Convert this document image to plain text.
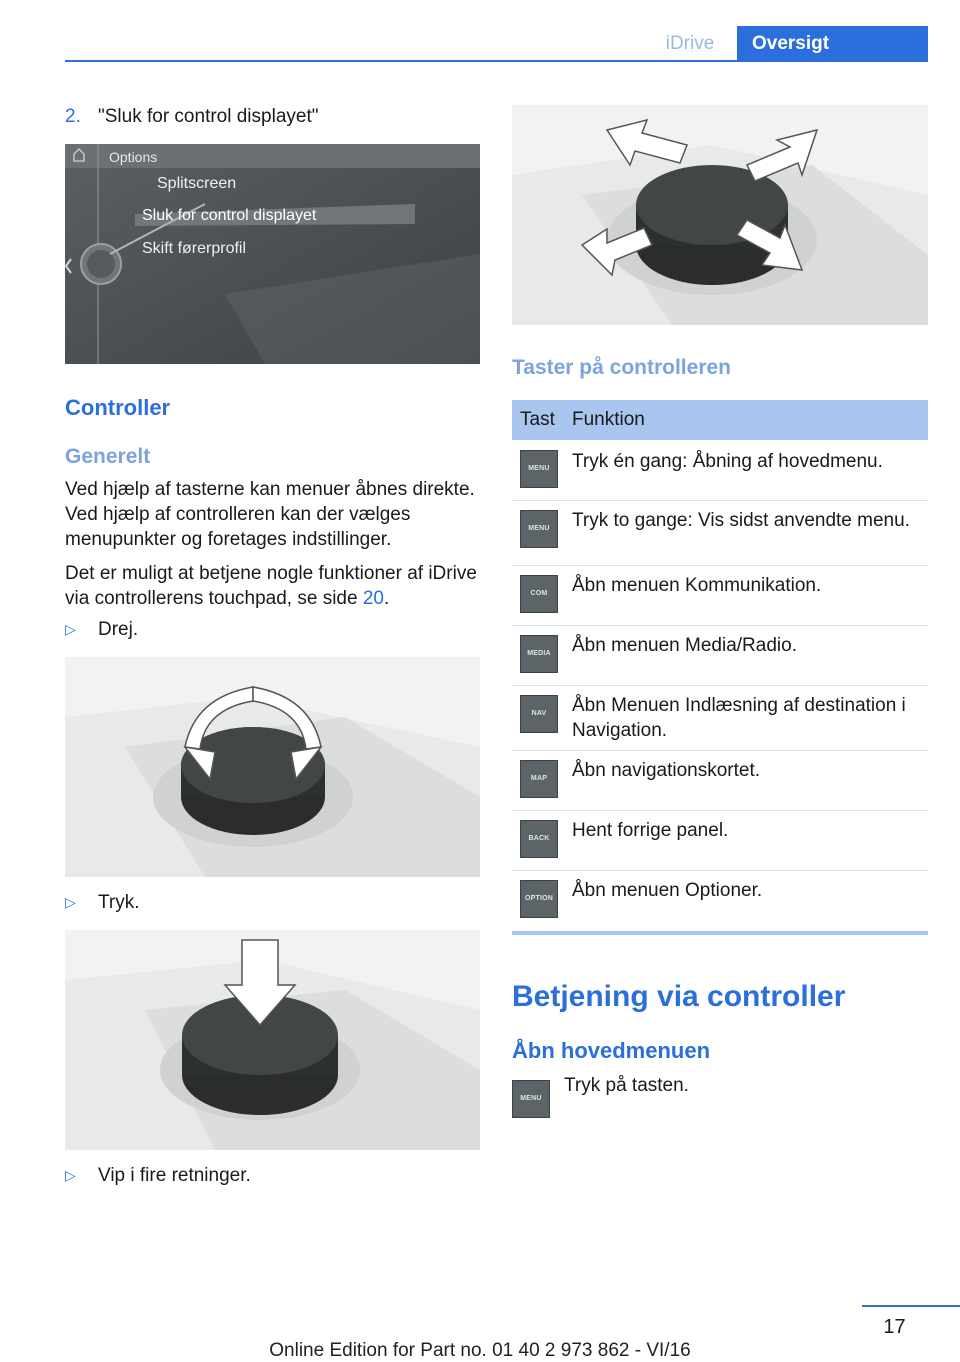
iDrive	Oversigt
2. "Sluk for control displayet"
Options
Splitscreen
Sluk for control displayet
Skift førerprofil
Controller
Generelt
Ved hjælp af tasterne kan menuer åbnes direkte. Ved hjælp af controlleren kan der vælges menupunkter og foretages indstillinger.
Det er muligt at betjene nogle funktioner af iDrive via controllerens touchpad, se side 20.
▷ Drej.
▷ Tryk.
▷ Vip i fire retninger.
Taster på controlleren
Tast Funktion
MENU	Tryk én gang: Åbning af hovedmenu.
MENU	Tryk to gange: Vis sidst anvendte menu.
COM	Åbn menuen Kommunikation.
MEDIA	Åbn menuen Media/Radio.
NAV	Åbn Menuen Indlæsning af destination i Navigation.
MAP	Åbn navigationskortet.
BACK	Hent forrige panel.
OPTION Åbn menuen Optioner.
Betjening via controller
Åbn hovedmenuen
MENU
Tryk på tasten.
17
Online Edition for Part no. 01 40 2 973 862 - VI/16
